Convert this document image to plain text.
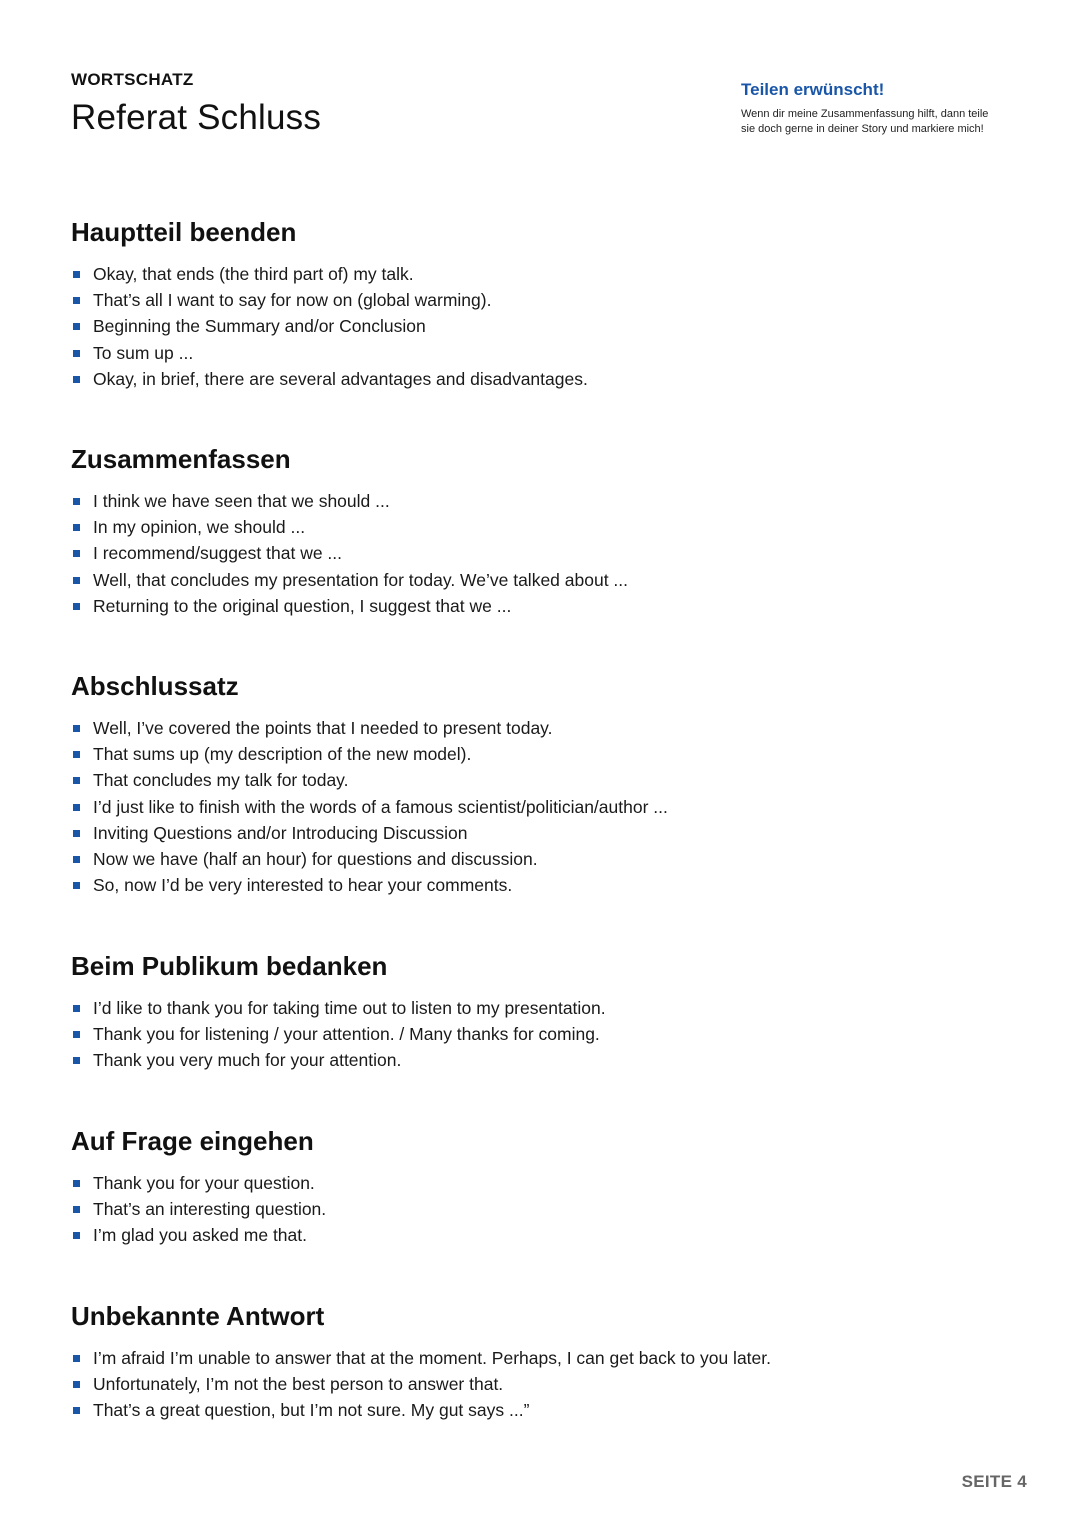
WORTSCHATZ
Referat Schluss
Teilen erwünscht!
Wenn dir meine Zusammenfassung hilft, dann teile
sie doch gerne in deiner Story und markiere mich!
Hauptteil beenden
Okay, that ends (the third part of) my talk.
That’s all I want to say for now on (global warming).
Beginning the Summary and/or Conclusion
To sum up ...
Okay, in brief, there are several advantages and disadvantages.
Zusammenfassen
I think we have seen that we should ...
In my opinion, we should ...
I recommend/suggest that we ...
Well, that concludes my presentation for today. We’ve talked about ...
Returning to the original question, I suggest that we ...
Abschlussatz
Well, I’ve covered the points that I needed to present today.
That sums up (my description of the new model).
That concludes my talk for today.
I’d just like to finish with the words of a famous scientist/politician/author ...
Inviting Questions and/or Introducing Discussion
Now we have (half an hour) for questions and discussion.
So, now I’d be very interested to hear your comments.
Beim Publikum bedanken
I’d like to thank you for taking time out to listen to my presentation.
Thank you for listening / your attention. / Many thanks for coming.
Thank you very much for your attention.
Auf Frage eingehen
Thank you for your question.
That’s an interesting question.
I’m glad you asked me that.
Unbekannte Antwort
I’m afraid I’m unable to answer that at the moment. Perhaps, I can get back to you later.
Unfortunately, I’m not the best person to answer that.
That’s a great question, but I’m not sure. My gut says ...”
SEITE 4
